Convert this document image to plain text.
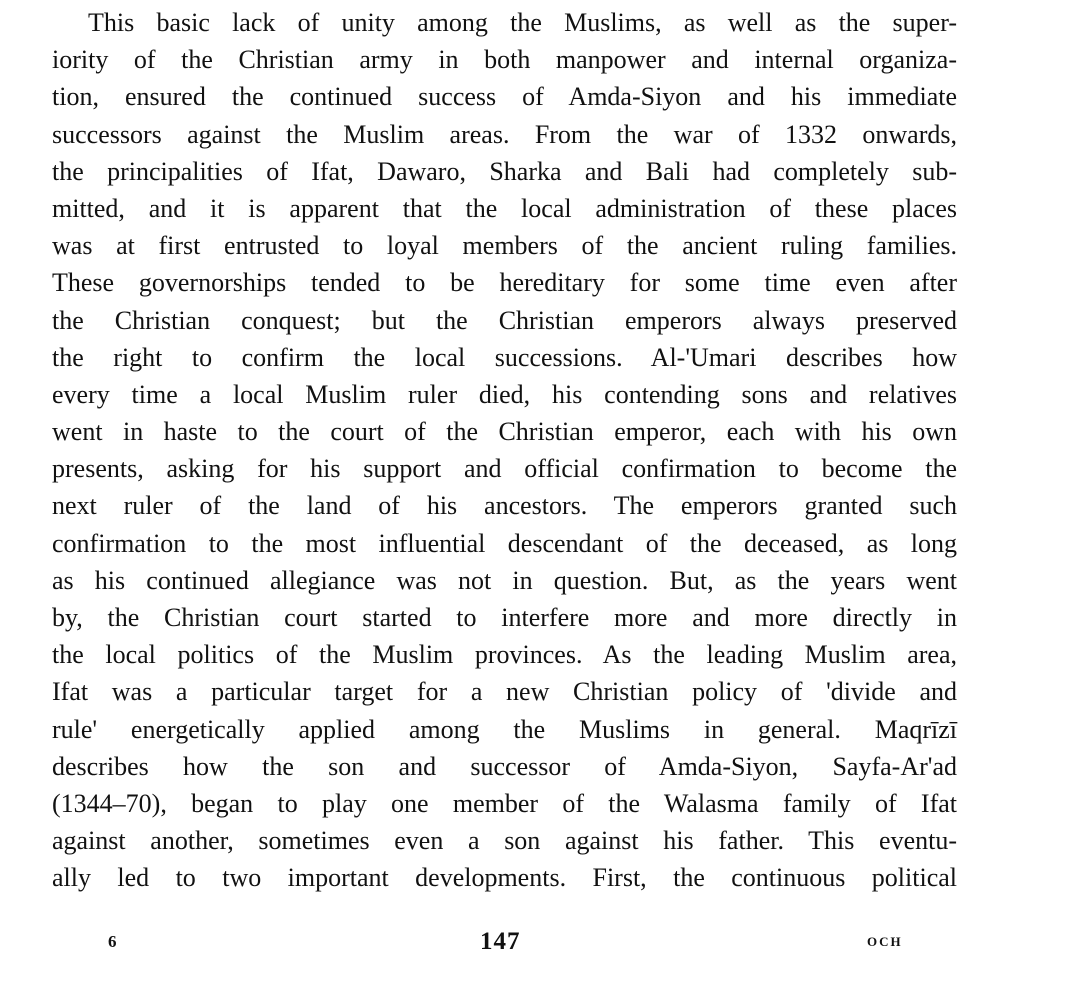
This basic lack of unity among the Muslims, as well as the super-
iority of the Christian army in both manpower and internal organiza-
tion, ensured the continued success of Amda-Siyon and his immediate
successors against the Muslim areas. From the war of 1332 onwards,
the principalities of Ifat, Dawaro, Sharka and Bali had completely sub-
mitted, and it is apparent that the local administration of these places
was at first entrusted to loyal members of the ancient ruling families.
These governorships tended to be hereditary for some time even after
the Christian conquest; but the Christian emperors always preserved
the right to confirm the local successions. Al-'Umari describes how
every time a local Muslim ruler died, his contending sons and relatives
went in haste to the court of the Christian emperor, each with his own
presents, asking for his support and official confirmation to become the
next ruler of the land of his ancestors. The emperors granted such
confirmation to the most influential descendant of the deceased, as long
as his continued allegiance was not in question. But, as the years went
by, the Christian court started to interfere more and more directly in
the local politics of the Muslim provinces. As the leading Muslim area,
Ifat was a particular target for a new Christian policy of 'divide and
rule' energetically applied among the Muslims in general. Maqrīzī
describes how the son and successor of Amda-Siyon, Sayfa-Ar'ad
(1344–70), began to play one member of the Walasma family of Ifat
against another, sometimes even a son against his father. This eventu-
ally led to two important developments. First, the continuous political
6	147	OCH
